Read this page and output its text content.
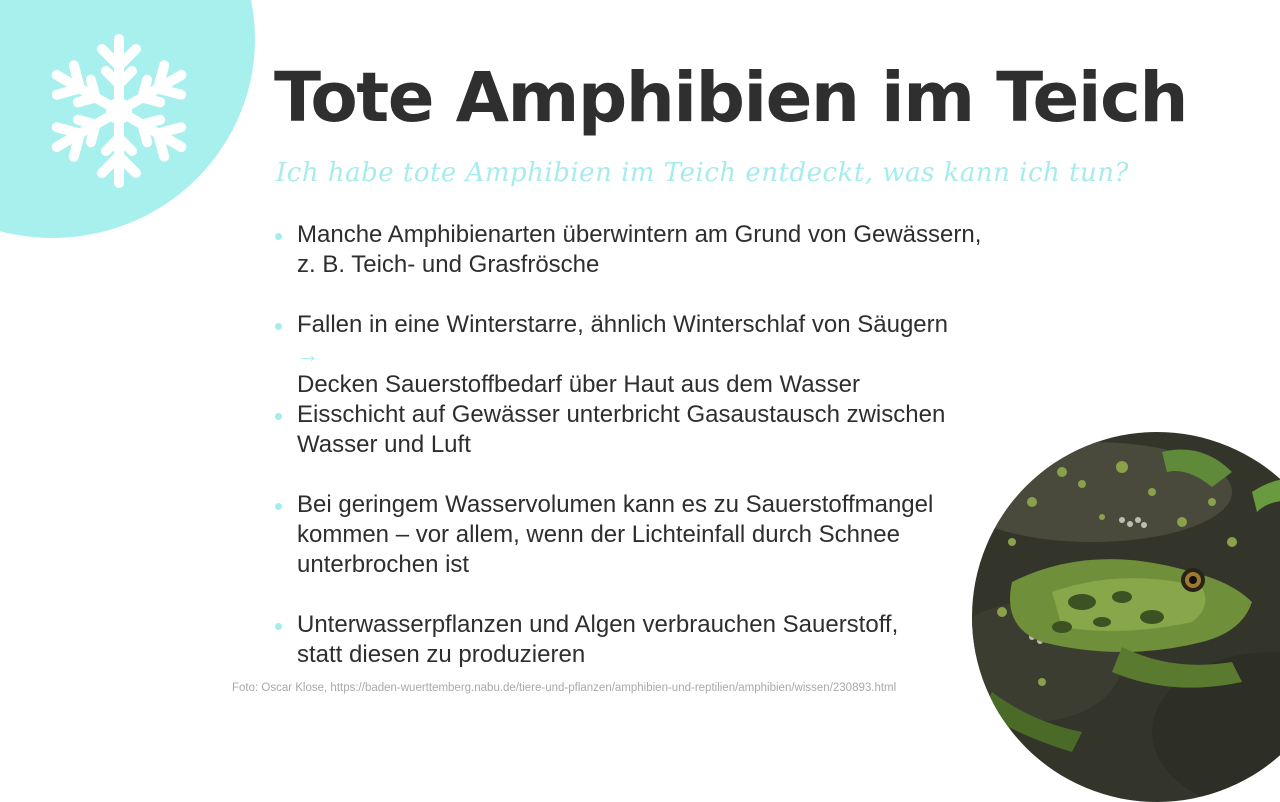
Tote Amphibien im Teich
Ich habe tote Amphibien im Teich entdeckt, was kann ich tun?
Manche Amphibienarten überwintern am Grund von Gewässern,
z. B. Teich- und Grasfrösche
Fallen in eine Winterstarre, ähnlich Winterschlaf von Säugern
→
Decken Sauerstoffbedarf über Haut aus dem Wasser
Eisschicht auf Gewässer unterbricht Gasaustausch zwischen
Wasser und Luft
Bei geringem Wasservolumen kann es zu Sauerstoffmangel
kommen – vor allem, wenn der Lichteinfall durch Schnee
unterbrochen ist
Unterwasserpflanzen und Algen verbrauchen Sauerstoff,
statt diesen zu produzieren
Foto: Oscar Klose, https://baden-wuerttemberg.nabu.de/tiere-und-pflanzen/amphibien-und-reptilien/amphibien/wissen/230893.html
